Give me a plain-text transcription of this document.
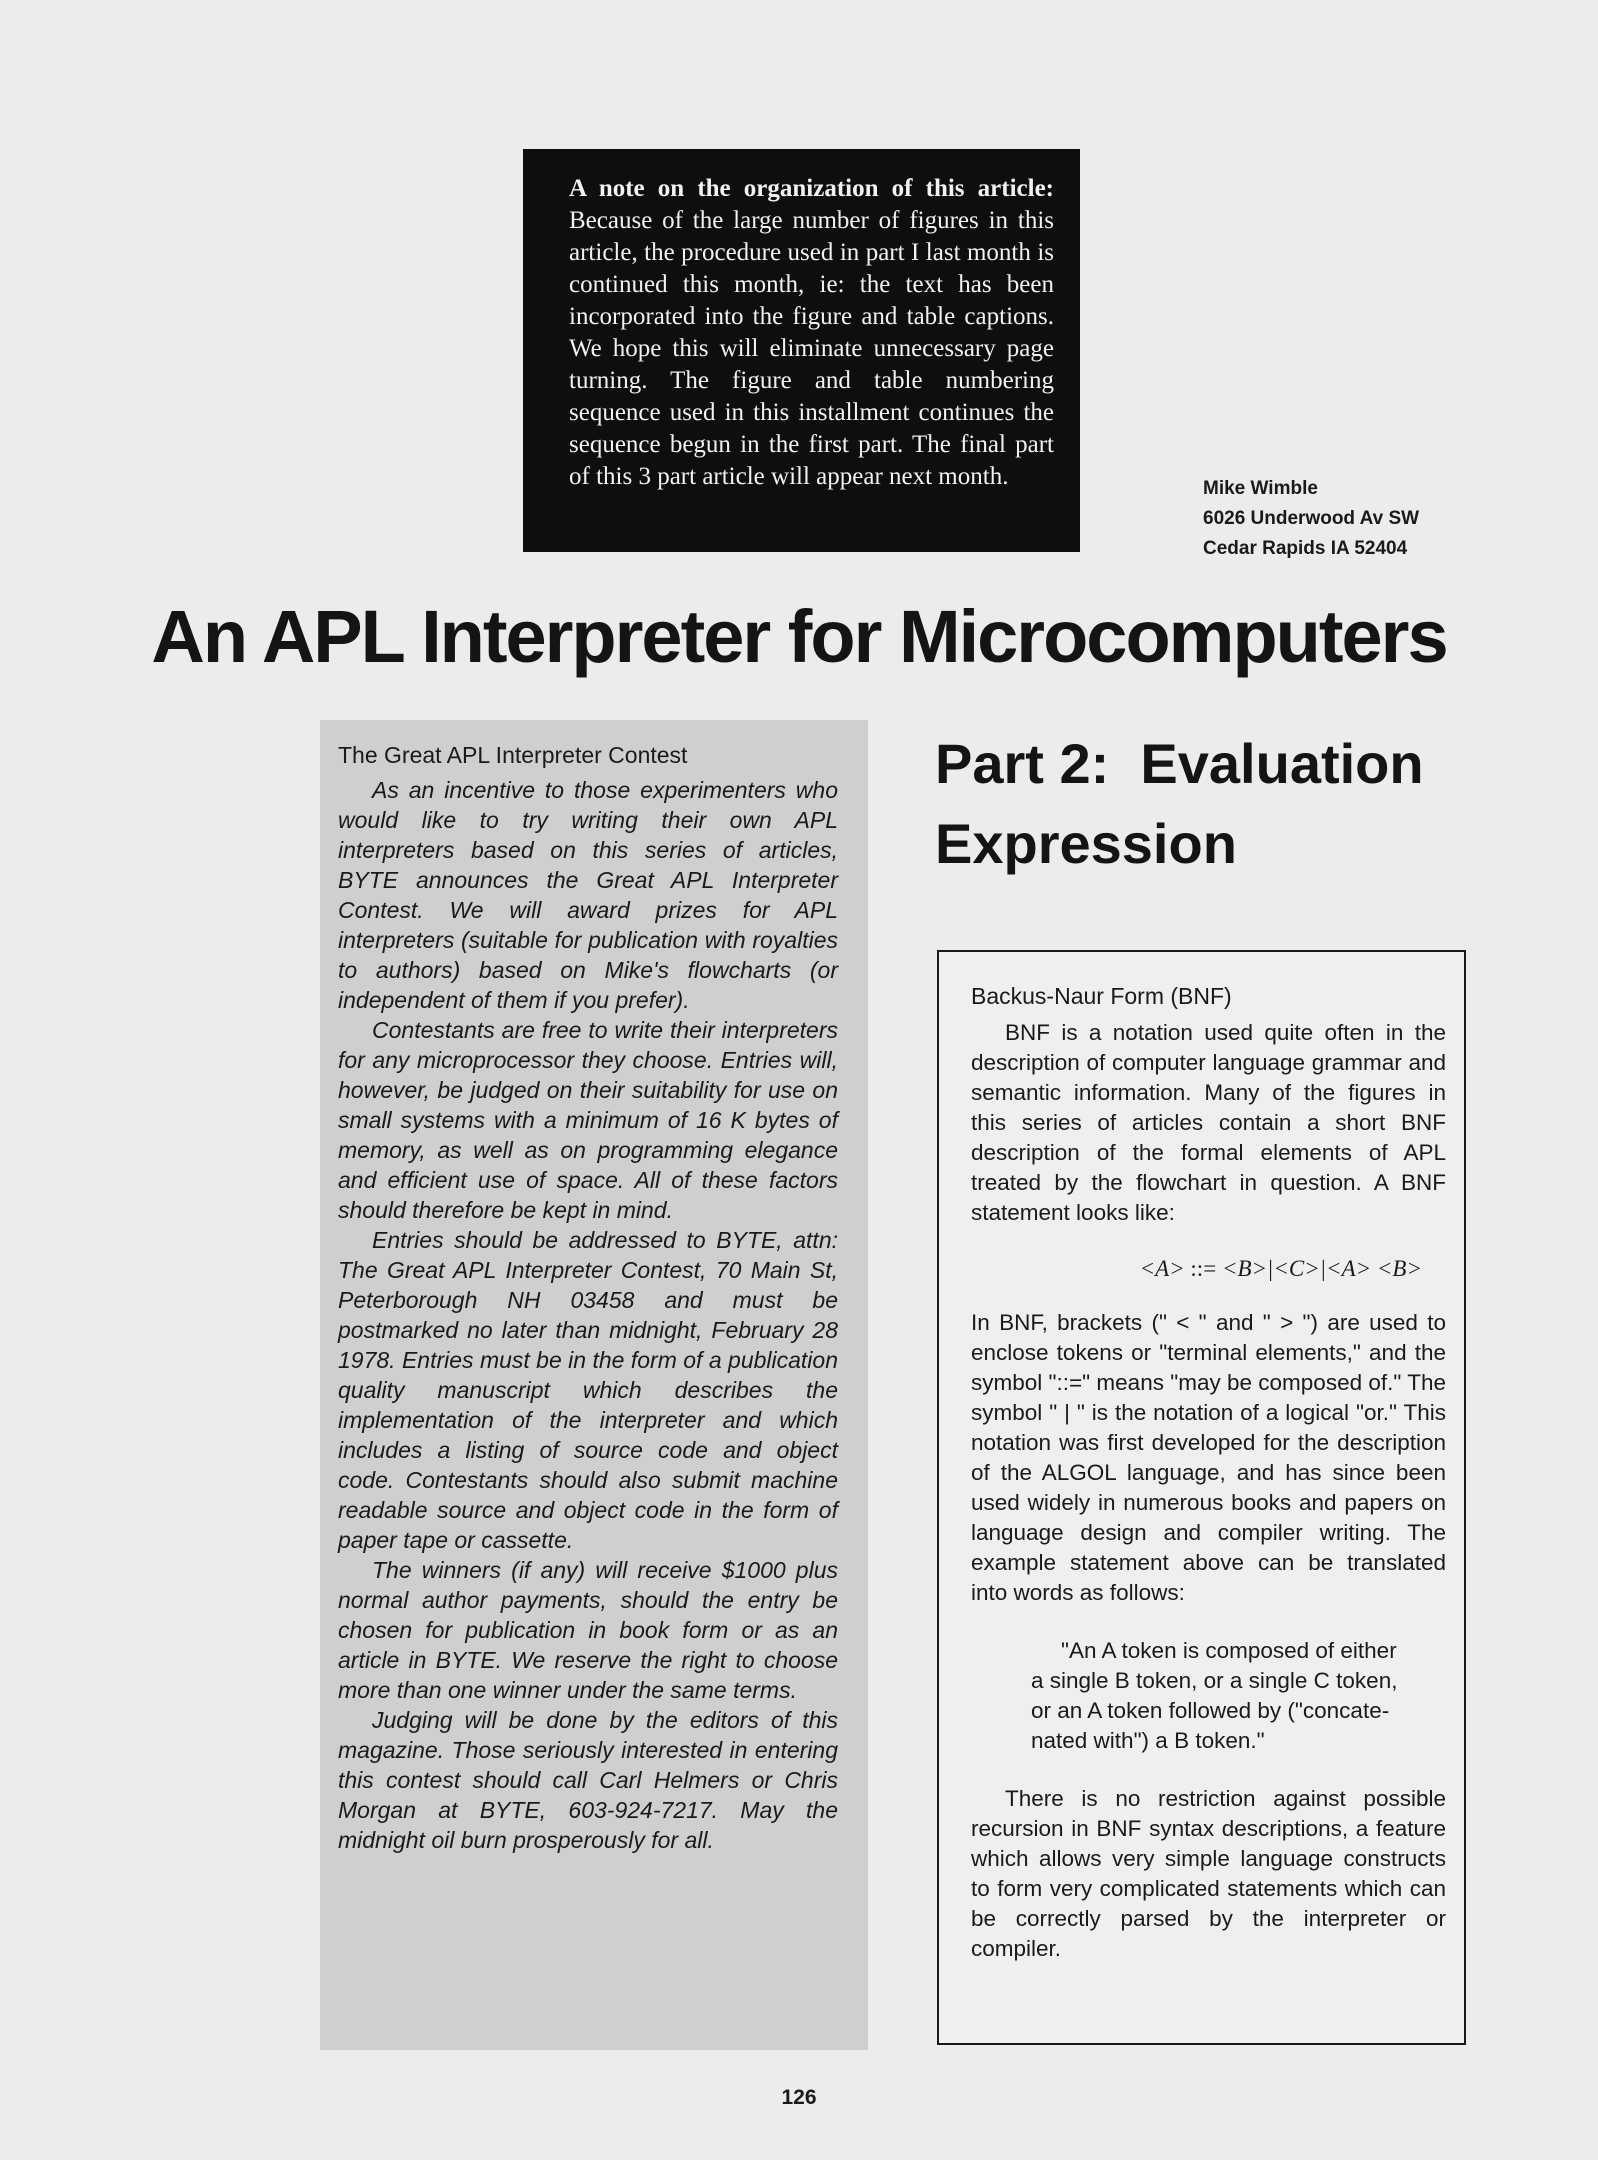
A note on the organization of this article: Because of the large number of figures in this article, the procedure used in part I last month is continued this month, ie: the text has been incorporated into the figure and table captions. We hope this will eliminate unnecessary page turning. The figure and table numbering sequence used in this installment continues the sequence begun in the first part. The final part of this 3 part article will appear next month.	Mike Wimble
6026 Underwood Av SW
Cedar Rapids IA 52404
An APL Interpreter for Microcomputers

The Great APL Interpreter Contest

As an incentive to those experimenters who would like to try writing their own APL interpreters based on this series of articles, BYTE announces the Great APL Interpreter Contest. We will award prizes for APL interpreters (suitable for publication with royalties to authors) based on Mike's flowcharts (or independent of them if you prefer).

Contestants are free to write their interpreters for any microprocessor they choose. Entries will, however, be judged on their suitability for use on small systems with a minimum of 16 K bytes of memory, as well as on programming elegance and efficient use of space. All of these factors should therefore be kept in mind.

Entries should be addressed to BYTE, attn: The Great APL Interpreter Contest, 70 Main St, Peterborough NH 03458 and must be postmarked no later than midnight, February 28 1978. Entries must be in the form of a publication quality manuscript which describes the implementation of the interpreter and which includes a listing of source code and object code. Contestants should also submit machine readable source and object code in the form of paper tape or cassette.

The winners (if any) will receive $1000 plus normal author payments, should the entry be chosen for publication in book form or as an article in BYTE. We reserve the right to choose more than one winner under the same terms.

Judging will be done by the editors of this magazine. Those seriously interested in entering this contest should call Carl Helmers or Chris Morgan at BYTE, 603-924-7217. May the midnight oil burn prosperously for all.

Part 2:  Evaluation
Expression

Backus-Naur Form (BNF)

BNF is a notation used quite often in the description of computer language grammar and semantic information. Many of the figures in this series of articles contain a short BNF description of the formal elements of APL treated by the flowchart in question. A BNF statement looks like:

<A> ::= <B>|<C>|<A> <B>

In BNF, brackets (" < " and " > ") are used to enclose tokens or "terminal elements," and the symbol "::=" means "may be composed of." The symbol " | " is the notation of a logical "or." This notation was first developed for the description of the ALGOL language, and has since been used widely in numerous books and papers on language design and compiler writing. The example statement above can be translated into words as follows:

"An A token is composed of either
a single B token, or a single C token,
or an A token followed by ("concate-
nated with") a B token."

There is no restriction against possible recursion in BNF syntax descriptions, a feature which allows very simple language constructs to form very complicated statements which can be correctly parsed by the interpreter or compiler.

126
